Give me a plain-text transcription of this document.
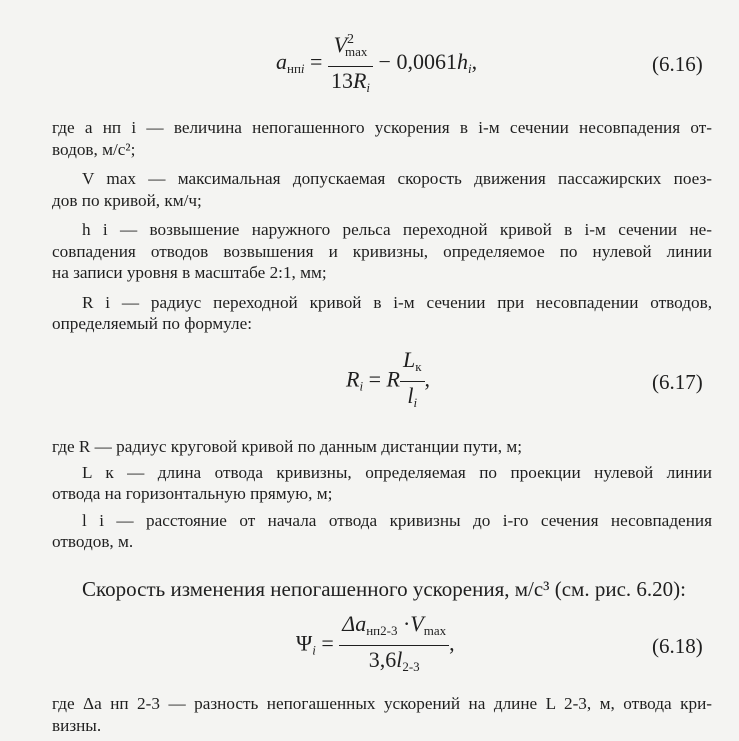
$a_{нп}i = \frac{V^2_{max}}{13Ri} - 0,0061hi$,	(6.16)
где a нп i — величина непогашенного ускорения в i-м сечении несовпадения от-
водов, м/с²;
V max — максимальная допускаемая скорость движения пассажирских поез-
дов по кривой, км/ч;
h i — возвышение наружного рельса переходной кривой в i-м сечении не-
совпадения отводов возвышения и кривизны, определяемое по нулевой линии
на записи уровня в масштабе 2:1, мм;
R i — радиус переходной кривой в i-м сечении при несовпадении отводов,
определяемый по формуле:
Ri = R $\frac{L_к}{li}$ ,	(6.17)
где R — радиус круговой кривой по данным дистанции пути, м;
L к — длина отвода кривизны, определяемая по проекции нулевой линии
отвода на горизонтальную прямую, м;
l i — расстояние от начала отвода кривизны до i-го сечения несовпадения
отводов, м.
Скорость изменения непогашенного ускорения, м/с³ (см. рис. 6.20):
$\Psi i = \frac{\Delta a_{нп2-3} \cdot V_{max}}{3,6l_{2-3}}$ ,	(6.18)
где Δa нп 2-3 — разность непогашенных ускорений на длине L 2-3, м, отвода кри-
визны.
